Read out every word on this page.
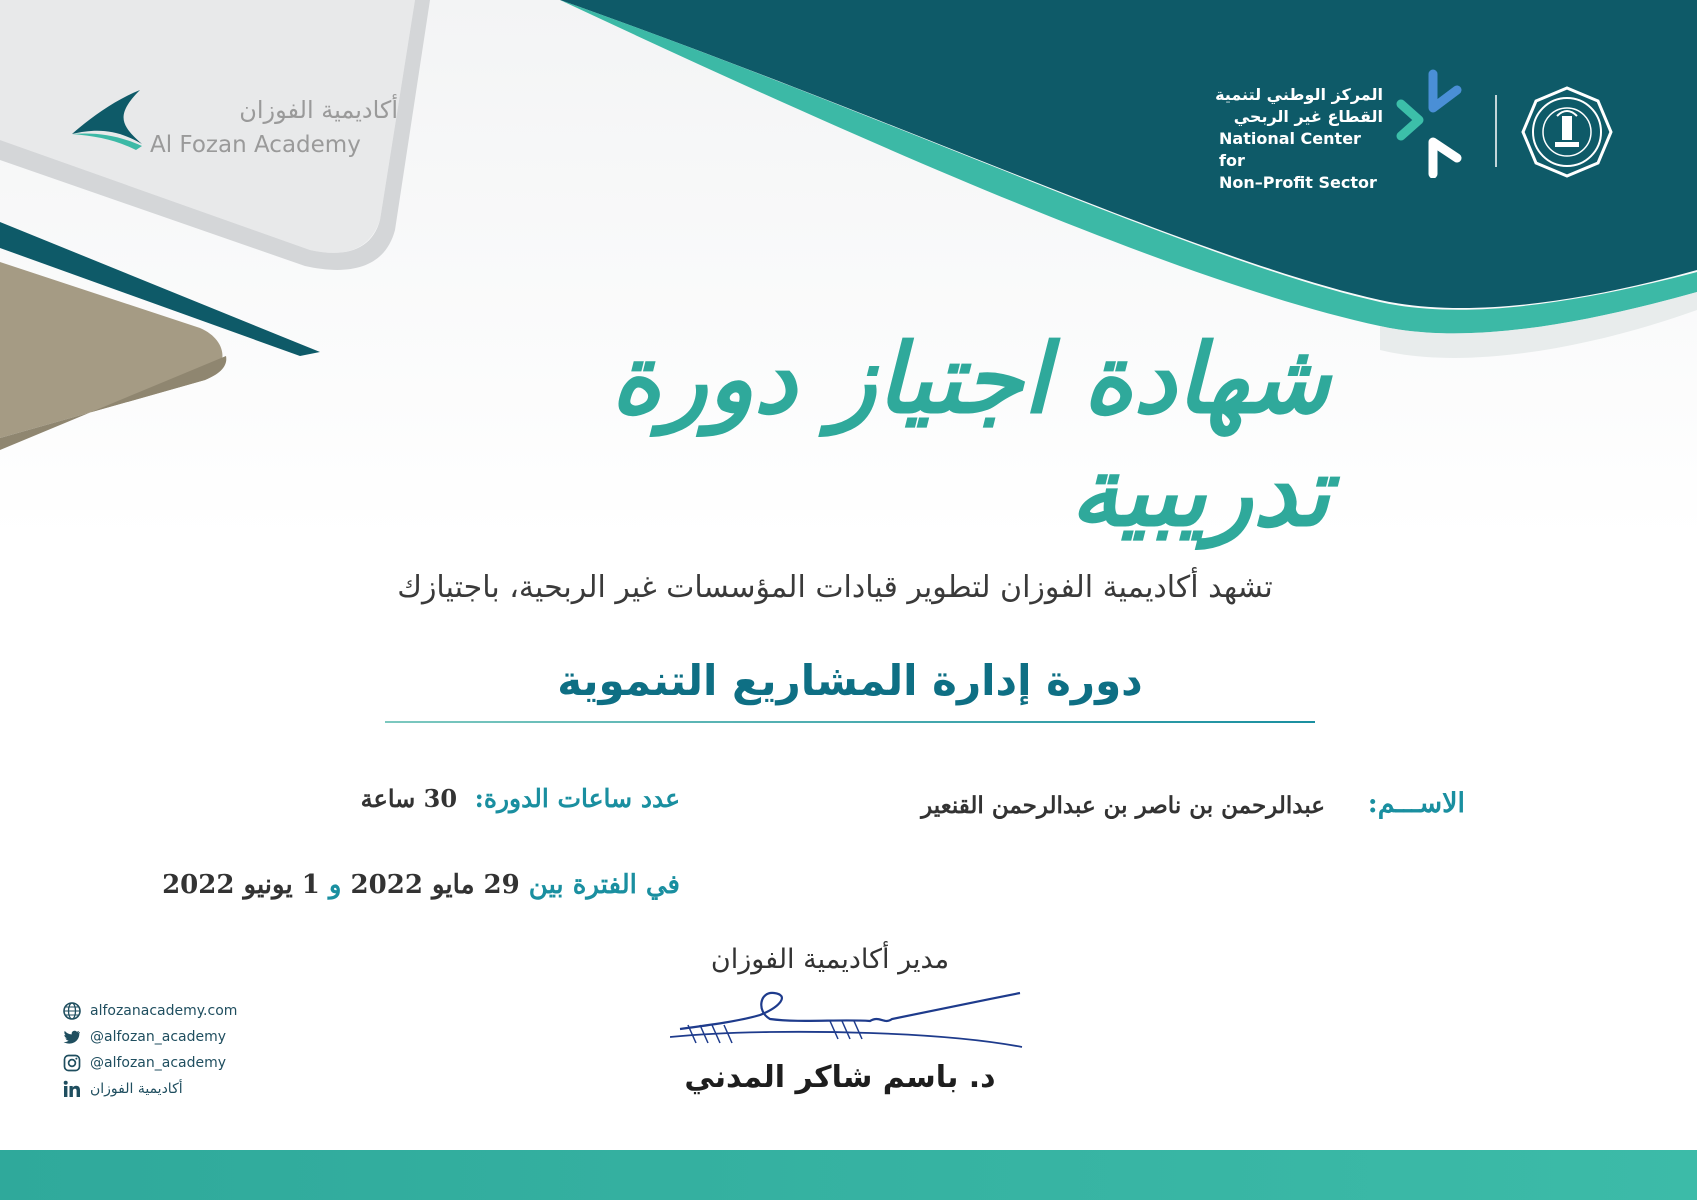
المركز الوطني لتنمية
القطاع غير الربحي
National Center for
Non–Profit Sector
أكاديمية الفوزان
Al Fozan Academy
شهادة اجتياز دورة تدريبية
تشهد أكاديمية الفوزان لتطوير قيادات المؤسسات غير الربحية، باجتيازك
دورة إدارة المشاريع التنموية
الاســـم:
عبدالرحمن بن ناصر بن عبدالرحمن القنعير
عدد ساعات الدورة: 30 ساعة
في الفترة بين 29 مايو 2022 و 1 يونيو 2022
مدير أكاديمية الفوزان
د. باسم شاكر المدني
alfozanacademy.com
@alfozan_academy
@alfozan_academy
أكاديمية الفوزان
